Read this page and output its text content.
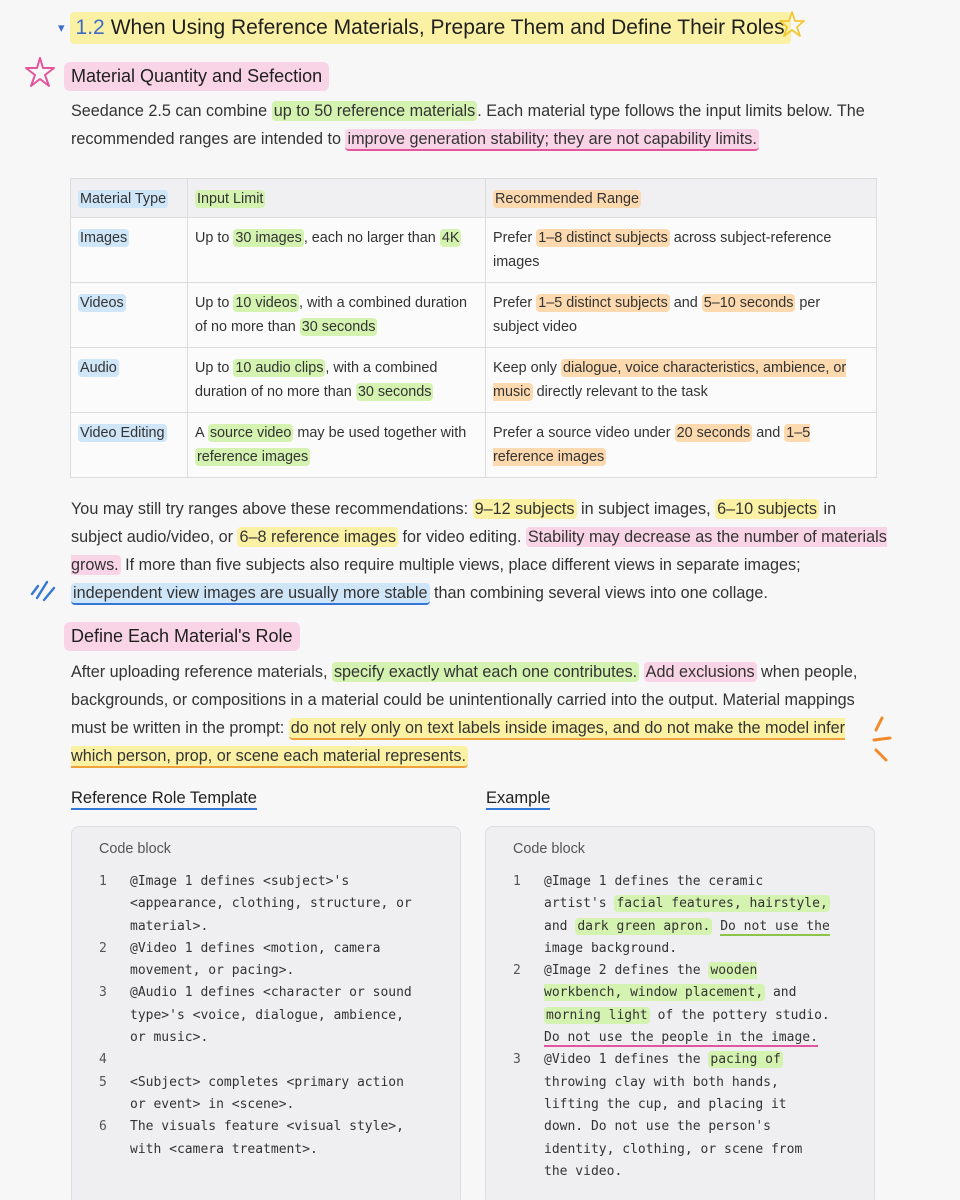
▾ 1.2 When Using Reference Materials, Prepare Them and Define Their Roles
Material Quantity and Sefection
Seedance 2.5 can combine up to 50 reference materials . Each material type follows the input limits below. The recommended ranges are intended to improve generation stability; they are not capability limits.
Material Type	Input Limit	Recommended Range
Images	Up to 30 images , each no larger than 4K	Prefer 1–8 distinct subjects across subject-reference images
Videos	Up to 10 videos , with a combined duration of no more than 30 seconds	Prefer 1–5 distinct subjects and 5–10 seconds per subject video
Audio	Up to 10 audio clips , with a combined duration of no more than 30 seconds	Keep only dialogue, voice characteristics, ambience, or music directly relevant to the task
Video Editing	A source video may be used together with reference images	Prefer a source video under 20 seconds and 1–5 reference images
You may still try ranges above these recommendations: 9–12 subjects in subject images, 6–10 subjects in subject audio/video, or 6–8 reference images for video editing. Stability may decrease as the number of materials grows. If more than five subjects also require multiple views, place different views in separate images; independent view images are usually more stable than combining several views into one collage.
Define Each Material's Role
After uploading reference materials, specify exactly what each one contributes. Add exclusions when people, backgrounds, or compositions in a material could be unintentionally carried into the output. Material mappings must be written in the prompt: do not rely only on text labels inside images, and do not make the model infer which person, prop, or scene each material represents.
Reference Role Template	Example
Code block
1	@Image 1 defines <subject>'s
<appearance, clothing, structure, or
material>.
2	@Video 1 defines <motion, camera
movement, or pacing>.
3	@Audio 1 defines <character or sound
type>'s <voice, dialogue, ambience,
or music>.
4

5	<Subject> completes <primary action
or event> in <scene>.
6	The visuals feature <visual style>,
with <camera treatment>.
Code block
1	@Image 1 defines the ceramic
artist's facial features, hairstyle,
and dark green apron. Do not use the
image background.
2	@Image 2 defines the wooden
workbench, window placement, and
morning light of the pottery studio.
Do not use the people in the image.
3	@Video 1 defines the pacing of
throwing clay with both hands,
lifting the cup, and placing it
down. Do not use the person's
identity, clothing, or scene from
the video.
